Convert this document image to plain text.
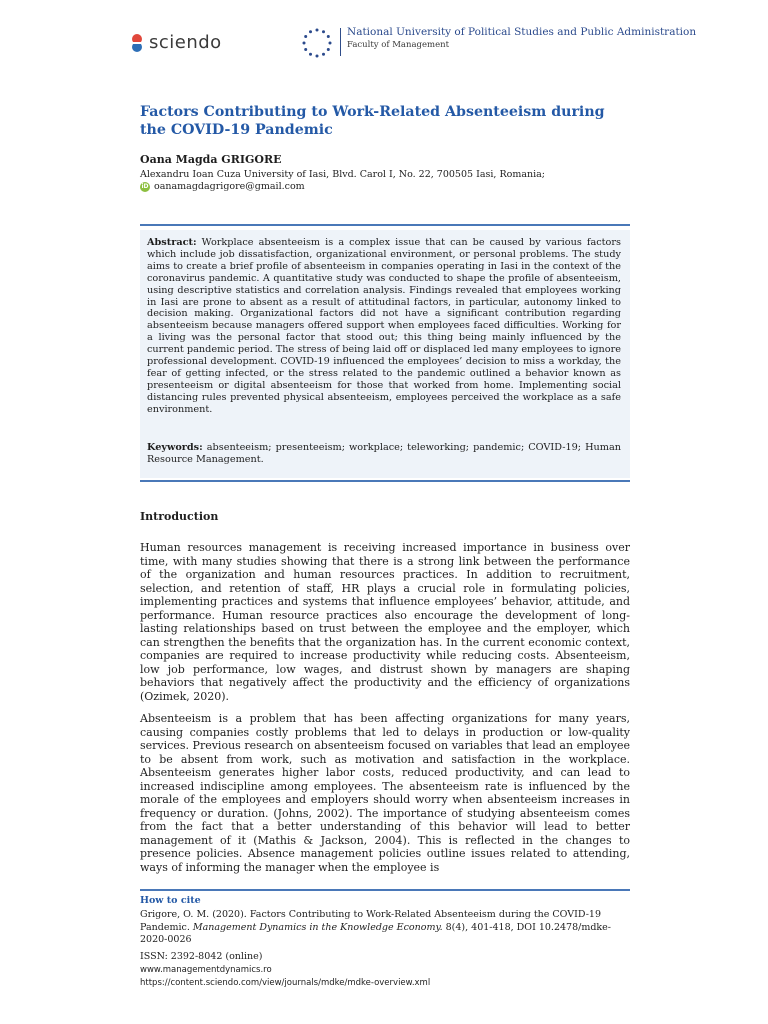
sciendo	National University of Political Studies and Public Administration
Faculty of Management
Factors Contributing to Work-Related Absenteeism during the COVID-19 Pandemic
Oana Magda GRIGORE
Alexandru Ioan Cuza University of Iasi, Blvd. Carol I, No. 22, 700505 Iasi, Romania;
iD oanamagdagrigore@gmail.com
Abstract: Workplace absenteeism is a complex issue that can be caused by various factors which include job dissatisfaction, organizational environment, or personal problems. The study aims to create a brief profile of absenteeism in companies operating in Iasi in the context of the coronavirus pandemic. A quantitative study was conducted to shape the profile of absenteeism, using descriptive statistics and correlation analysis. Findings revealed that employees working in Iasi are prone to absent as a result of attitudinal factors, in particular, autonomy linked to decision making. Organizational factors did not have a significant contribution regarding absenteeism because managers offered support when employees faced difficulties. Working for a living was the personal factor that stood out; this thing being mainly influenced by the current pandemic period. The stress of being laid off or displaced led many employees to ignore professional development. COVID-19 influenced the employees’ decision to miss a workday, the fear of getting infected, or the stress related to the pandemic outlined a behavior known as presenteeism or digital absenteeism for those that worked from home. Implementing social distancing rules prevented physical absenteeism, employees perceived the workplace as a safe environment.
Keywords: absenteeism; presenteeism; workplace; teleworking; pandemic; COVID-19; Human Resource Management.
Introduction
Human resources management is receiving increased importance in business over time, with many studies showing that there is a strong link between the performance of the organization and human resources practices. In addition to recruitment, selection, and retention of staff, HR plays a crucial role in formulating policies, implementing practices and systems that influence employees’ behavior, attitude, and performance. Human resource practices also encourage the development of long-lasting relationships based on trust between the employee and the employer, which can strengthen the benefits that the organization has. In the current economic context, companies are required to increase productivity while reducing costs. Absenteeism, low job performance, low wages, and distrust shown by managers are shaping behaviors that negatively affect the productivity and the efficiency of organizations (Ozimek, 2020).
Absenteeism is a problem that has been affecting organizations for many years, causing companies costly problems that led to delays in production or low-quality services. Previous research on absenteeism focused on variables that lead an employee to be absent from work, such as motivation and satisfaction in the workplace. Absenteeism generates higher labor costs, reduced productivity, and can lead to increased indiscipline among employees. The absenteeism rate is influenced by the morale of the employees and employers should worry when absenteeism increases in frequency or duration. (Johns, 2002). The importance of studying absenteeism comes from the fact that a better understanding of this behavior will lead to better management of it (Mathis & Jackson, 2004). This is reflected in the changes to presence policies. Absence management policies outline issues related to attending, ways of informing the manager when the employee is
How to cite
Grigore, O. M. (2020). Factors Contributing to Work-Related Absenteeism during the COVID-19 Pandemic. Management Dynamics in the Knowledge Economy. 8(4), 401-418, DOI 10.2478/mdke-2020-0026
ISSN: 2392-8042 (online)
www.managementdynamics.ro
https://content.sciendo.com/view/journals/mdke/mdke-overview.xml
